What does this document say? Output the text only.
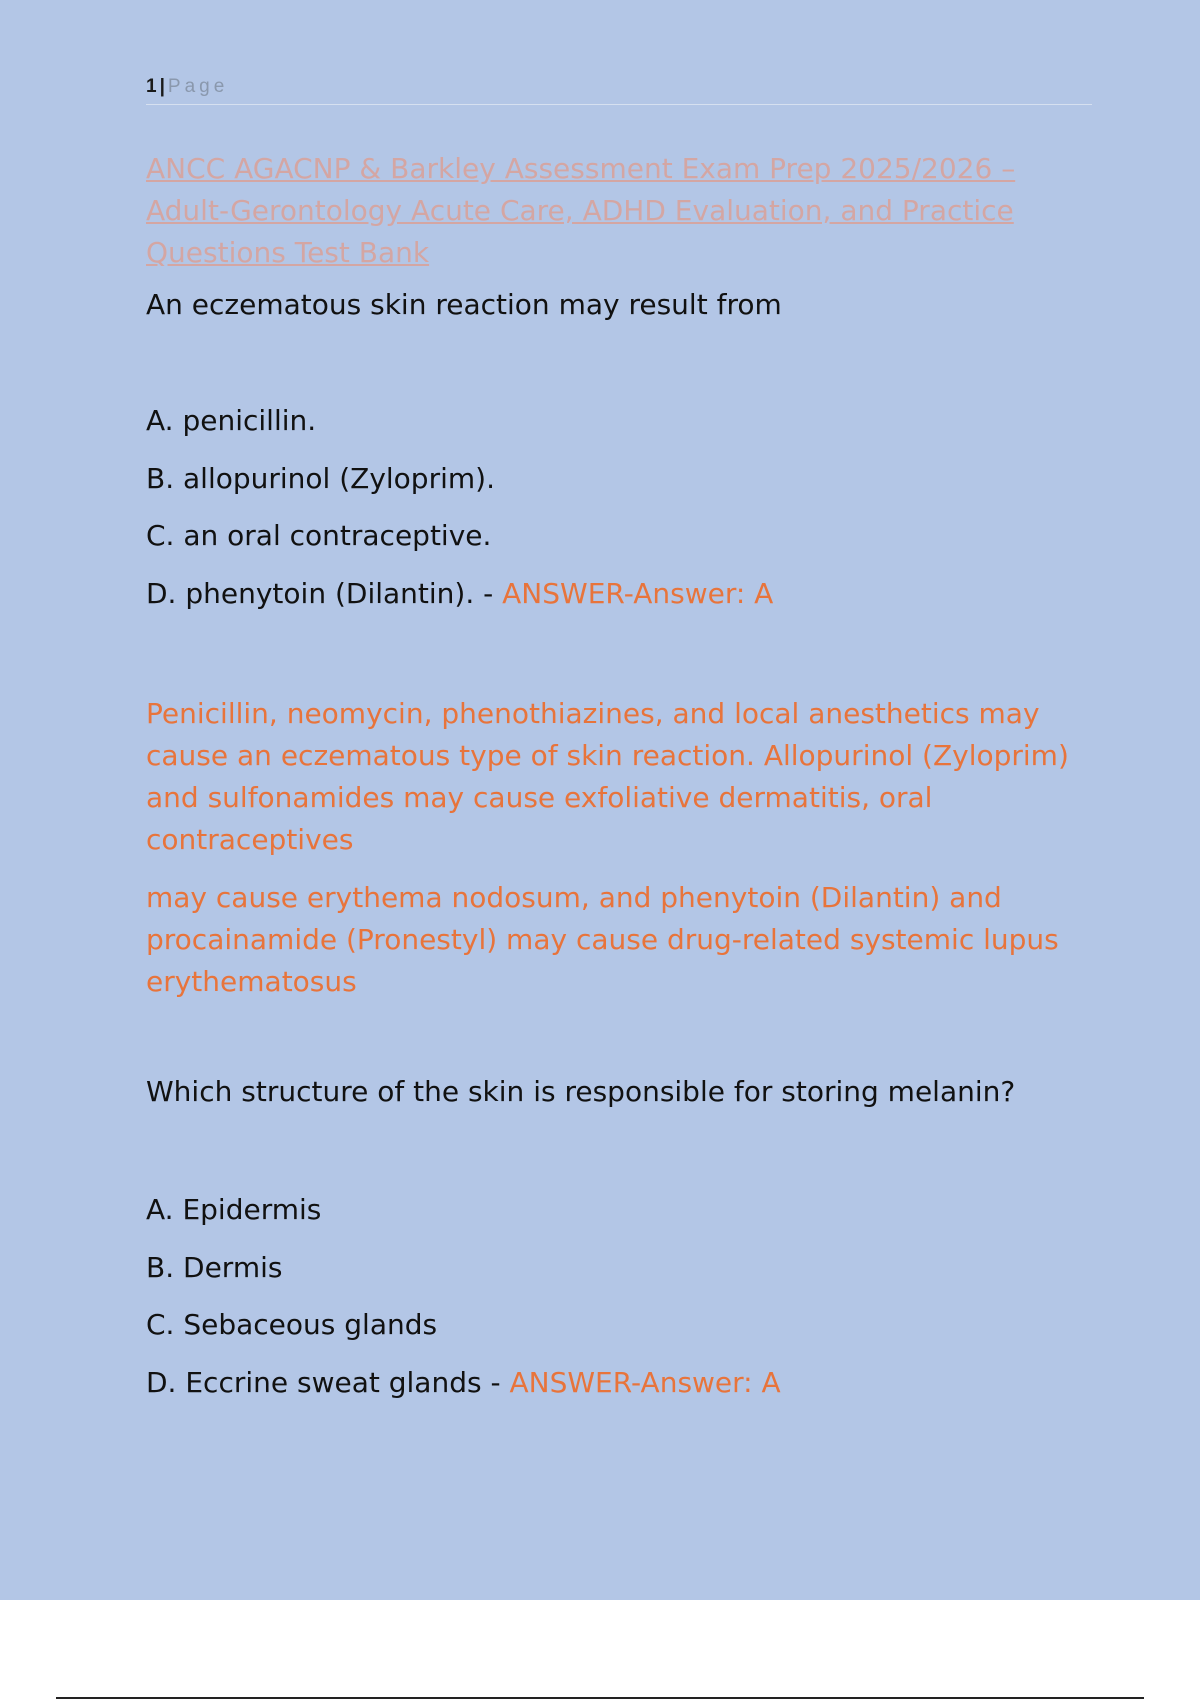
1 | Page
ANCC AGACNP & Barkley Assessment Exam Prep 2025/2026 – Adult-Gerontology Acute Care, ADHD Evaluation, and Practice Questions Test Bank
An eczematous skin reaction may result from
A. penicillin.
B. allopurinol (Zyloprim).
C. an oral contraceptive.
D. phenytoin (Dilantin). - ANSWER-Answer: A
Penicillin, neomycin, phenothiazines, and local anesthetics may cause an eczematous type of skin reaction. Allopurinol (Zyloprim) and sulfonamides may cause exfoliative dermatitis, oral contraceptives
may cause erythema nodosum, and phenytoin (Dilantin) and procainamide (Pronestyl) may cause drug-related systemic lupus erythematosus
Which structure of the skin is responsible for storing melanin?
A. Epidermis
B. Dermis
C. Sebaceous glands
D. Eccrine sweat glands - ANSWER-Answer: A
